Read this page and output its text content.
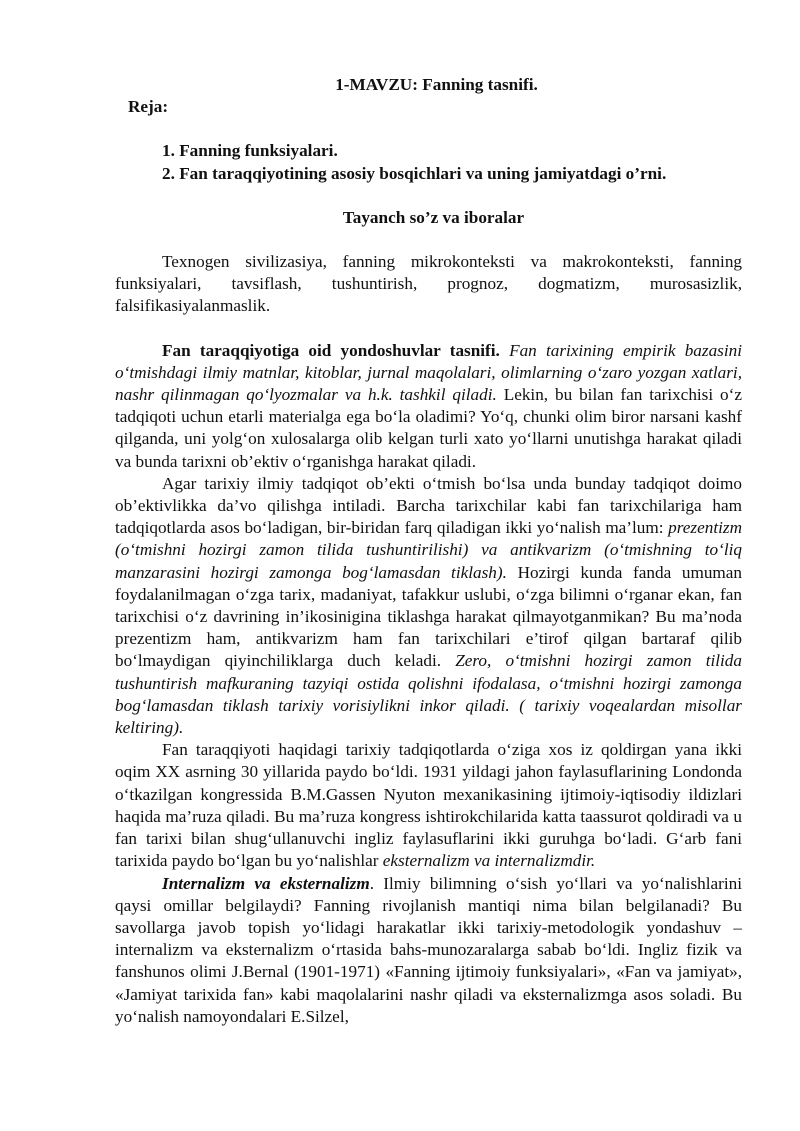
1-MAVZU: Fanning tasnifi.

Reja:

1. Fanning funksiyalari.
2. Fan taraqqiyotining asosiy bosqichlari va uning jamiyatdagi o’rni.

Tayanch so’z va iboralar

Texnogen sivilizasiya, fanning mikrokonteksti va makrokonteksti, fanning funksiyalari, tavsiflash, tushuntirish, prognoz, dogmatizm, murosasizlik, falsifikasiyalanmaslik.

Fan taraqqiyotiga oid yondoshuvlar tasnifi. Fan tarixining empirik bazasini o‘tmishdagi ilmiy matnlar, kitoblar, jurnal maqolalari, olimlarning o‘zaro yozgan xatlari, nashr qilinmagan qo‘lyozmalar va h.k. tashkil qiladi. Lekin, bu bilan fan tarixchisi o‘z tadqiqoti uchun etarli materialga ega bo‘la oladimi? Yo‘q, chunki olim biror narsani kashf qilganda, uni yolg‘on xulosalarga olib kelgan turli xato yo‘llarni unutishga harakat qiladi va bunda tarixni ob’ektiv o‘rganishga harakat qiladi.

Agar tarixiy ilmiy tadqiqot ob’ekti o‘tmish bo‘lsa unda bunday tadqiqot doimo ob’ektivlikka da’vo qilishga intiladi. Barcha tarixchilar kabi fan tarixchilariga ham tadqiqotlarda asos bo‘ladigan, bir-biridan farq qiladigan ikki yo‘nalish ma’lum: prezentizm (o‘tmishni hozirgi zamon tilida tushuntirilishi) va antikvarizm (o‘tmishning to‘liq manzarasini hozirgi zamonga bog‘lamasdan tiklash). Hozirgi kunda fanda umuman foydalanilmagan o‘zga tarix, madaniyat, tafakkur uslubi, o‘zga bilimni o‘rganar ekan, fan tarixchisi o‘z davrining in’ikosinigina tiklashga harakat qilmayotganmikan? Bu ma’noda prezentizm ham, antikvarizm ham fan tarixchilari e’tirof qilgan bartaraf qilib bo‘lmaydigan qiyinchiliklarga duch keladi. Zero, o‘tmishni hozirgi zamon tilida tushuntirish mafkuraning tazyiqi ostida qolishni ifodalasa, o‘tmishni hozirgi zamonga bog‘lamasdan tiklash tarixiy vorisiylikni inkor qiladi. ( tarixiy voqealardan misollar keltiring).

Fan taraqqiyoti haqidagi tarixiy tadqiqotlarda o‘ziga xos iz qoldirgan yana ikki oqim XX asrning 30 yillarida paydo bo‘ldi. 1931 yildagi jahon faylasuflarining Londonda o‘tkazilgan kongressida B.M.Gassen Nyuton mexanikasining ijtimoiy-iqtisodiy ildizlari haqida ma’ruza qiladi. Bu ma’ruza kongress ishtirokchilarida katta taassurot qoldiradi va u fan tarixi bilan shug‘ullanuvchi ingliz faylasuflarini ikki guruhga bo‘ladi. G‘arb fani tarixida paydo bo‘lgan bu yo‘nalishlar eksternalizm va internalizmdir.

Internalizm va eksternalizm. Ilmiy bilimning o‘sish yo‘llari va yo‘nalishlarini qaysi omillar belgilaydi? Fanning rivojlanish mantiqi nima bilan belgilanadi? Bu savollarga javob topish yo‘lidagi harakatlar ikki tarixiy-metodologik yondashuv – internalizm va eksternalizm o‘rtasida bahs-munozaralarga sabab bo‘ldi. Ingliz fizik va fanshunos olimi J.Bernal (1901-1971) «Fanning ijtimoiy funksiyalari», «Fan va jamiyat», «Jamiyat tarixida fan» kabi maqolalarini nashr qiladi va eksternalizmga asos soladi. Bu yo‘nalish namoyondalari E.Silzel,
